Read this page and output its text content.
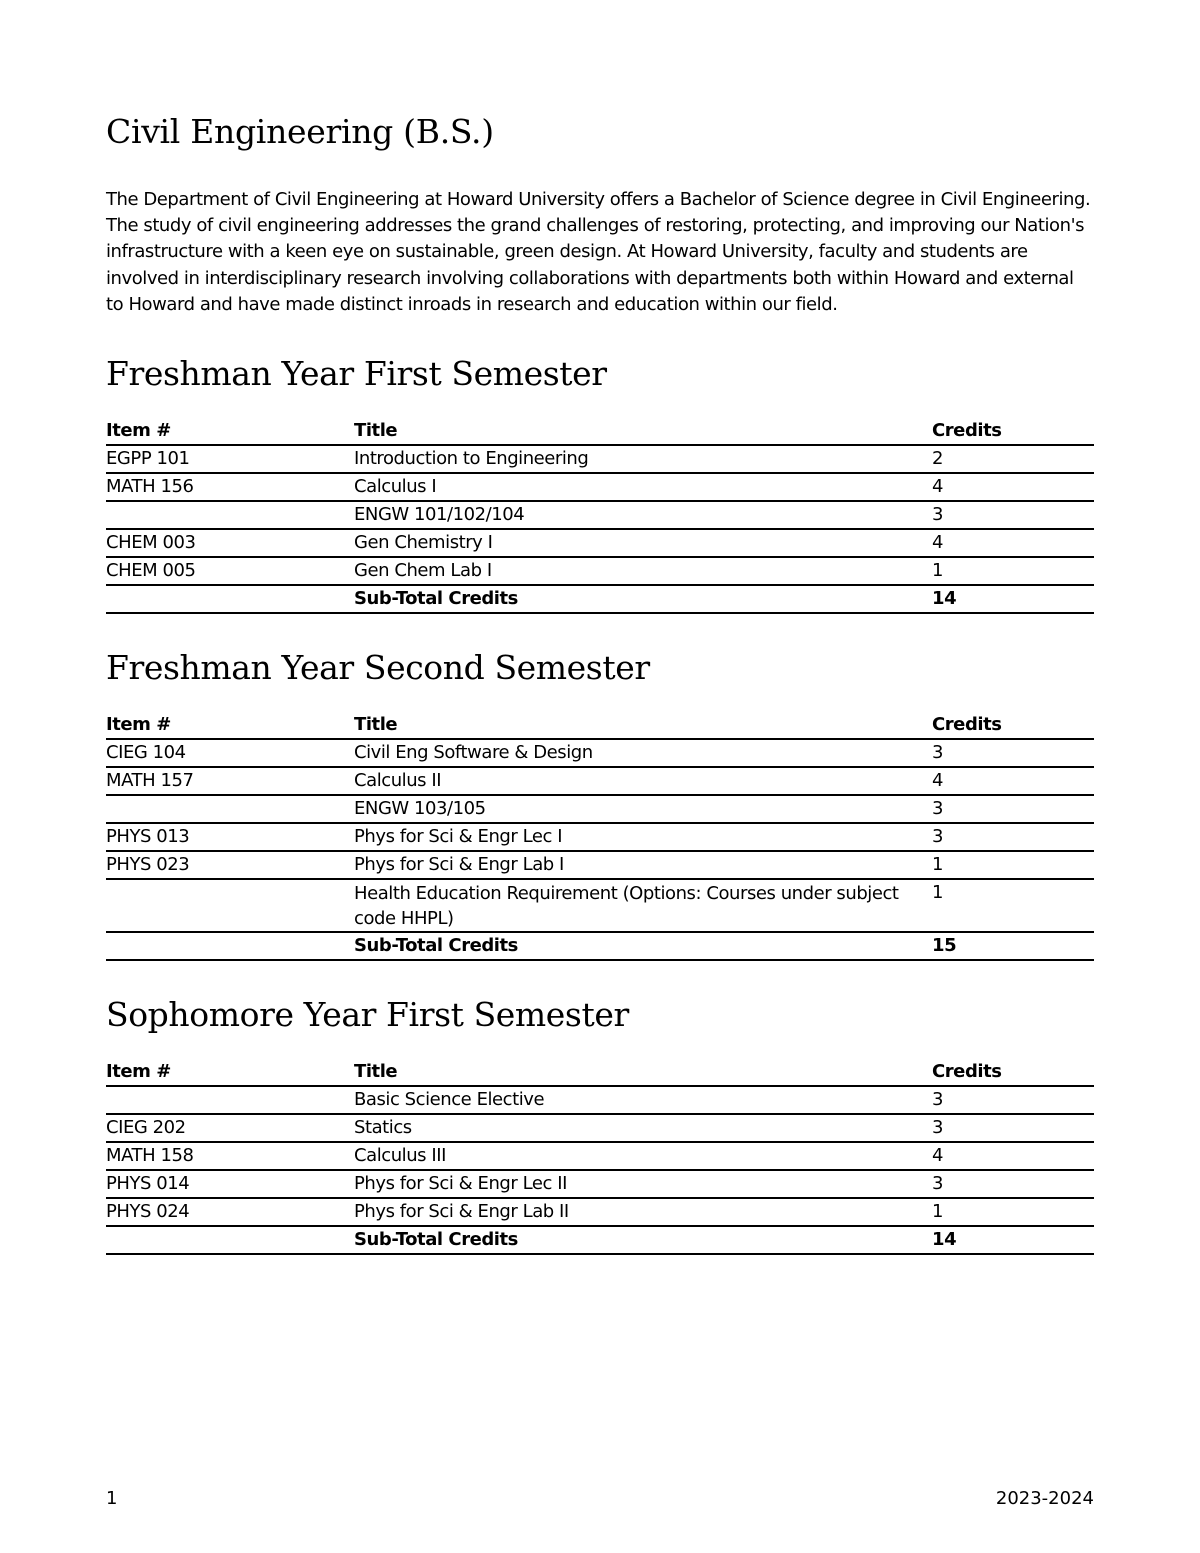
Civil Engineering (B.S.)

The Department of Civil Engineering at Howard University offers a Bachelor of Science degree in Civil Engineering. The study of civil engineering addresses the grand challenges of restoring, protecting, and improving our Nation's infrastructure with a keen eye on sustainable, green design. At Howard University, faculty and students are involved in interdisciplinary research involving collaborations with departments both within Howard and external to Howard and have made distinct inroads in research and education within our field.

Freshman Year First Semester
Item #	Title	Credits
EGPP 101	Introduction to Engineering	2
MATH 156	Calculus I	4
	ENGW 101/102/104	3
CHEM 003	Gen Chemistry I	4
CHEM 005	Gen Chem Lab I	1
	Sub-Total Credits	14
Freshman Year Second Semester
Item #	Title	Credits
CIEG 104	Civil Eng Software & Design	3
MATH 157	Calculus II	4
	ENGW 103/105	3
PHYS 013	Phys for Sci & Engr Lec I	3
PHYS 023	Phys for Sci & Engr Lab I	1
	Health Education Requirement (Options: Courses under subject code HHPL)	1
	Sub-Total Credits	15
Sophomore Year First Semester
Item #	Title	Credits
	Basic Science Elective	3
CIEG 202	Statics	3
MATH 158	Calculus III	4
PHYS 014	Phys for Sci & Engr Lec II	3
PHYS 024	Phys for Sci & Engr Lab II	1
	Sub-Total Credits	14
1	2023-2024
